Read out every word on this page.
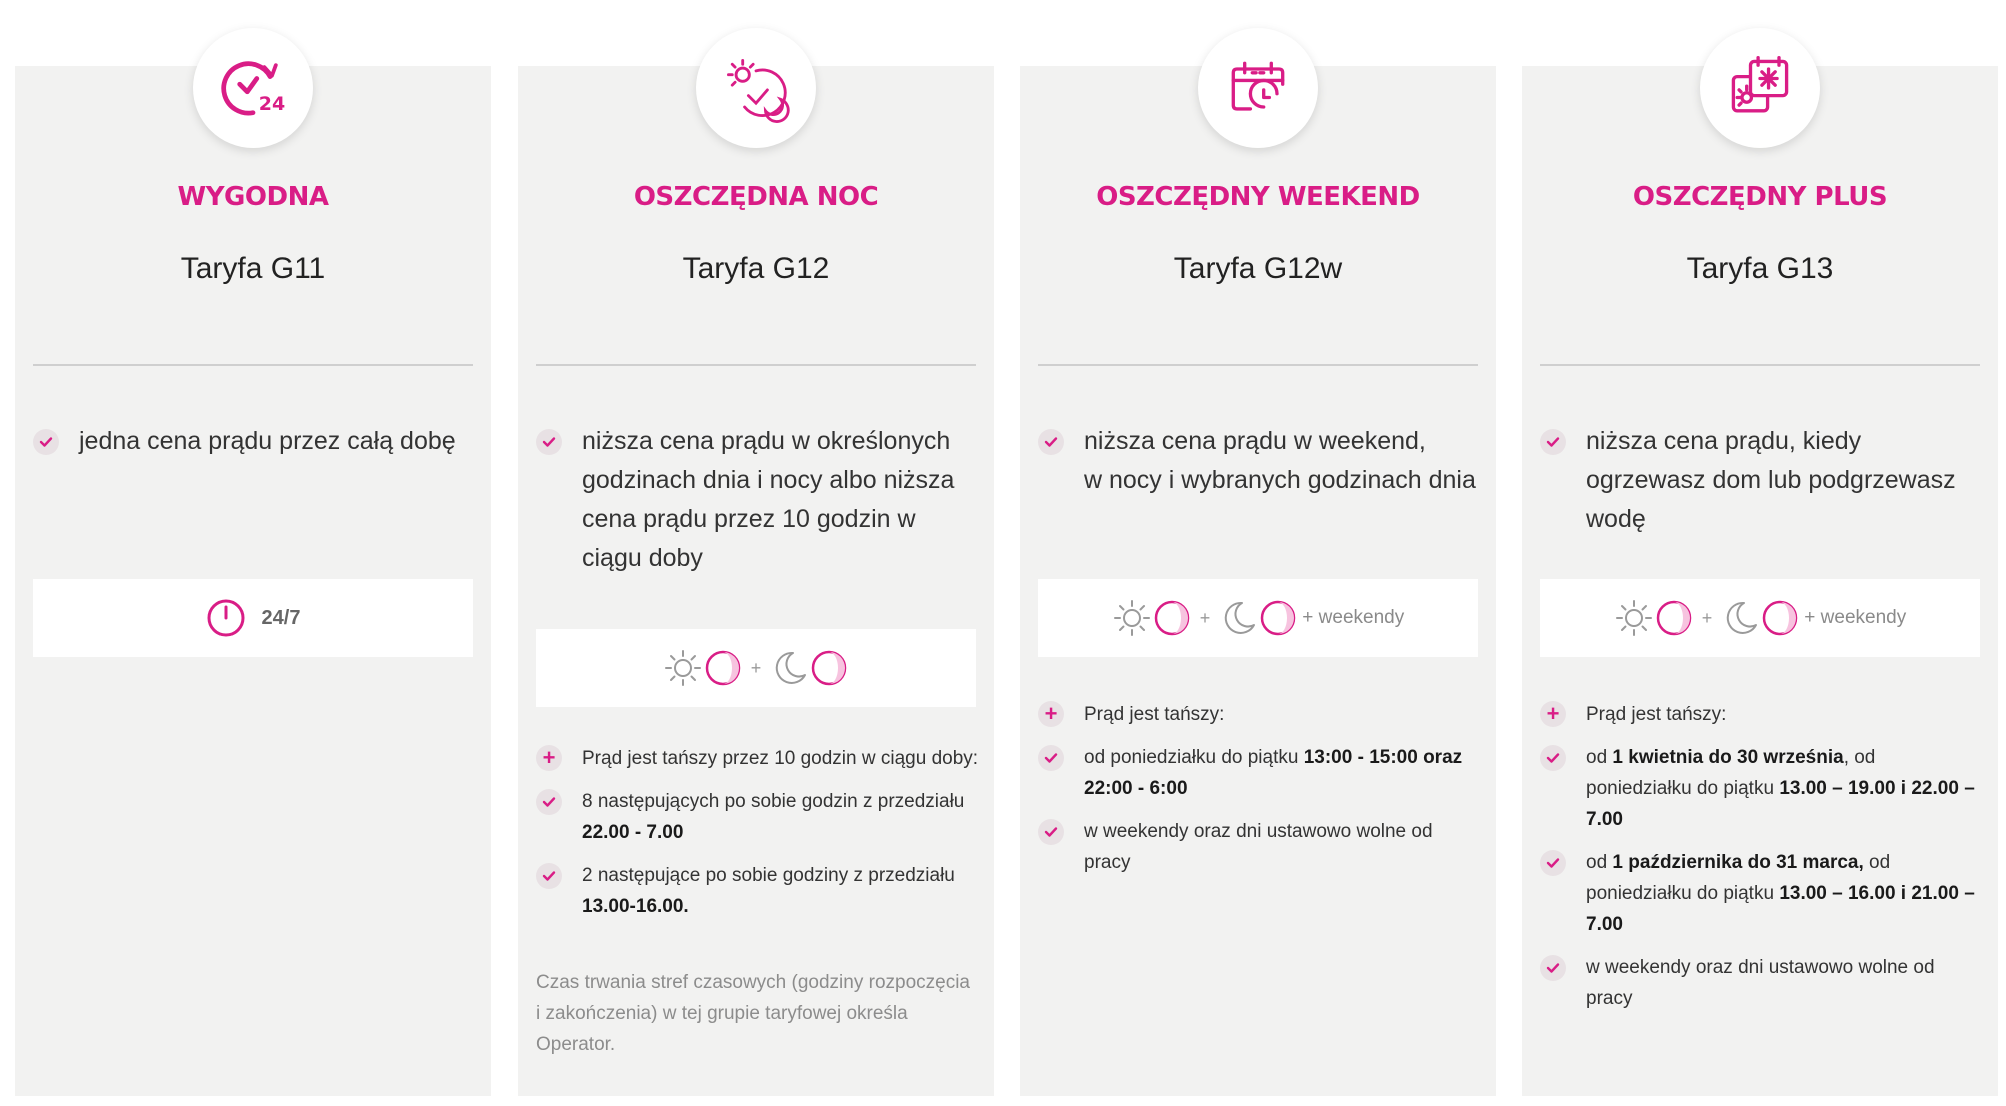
24
WYGODNA
Taryfa G11
jedna cena prądu przez całą dobę
24/7
OSZCZĘDNA NOC
Taryfa G12
niższa cena prądu w określonych godzinach dnia i nocy albo niższa cena prądu przez 10 godzin w ciągu doby
+
+	Prąd jest tańszy przez 10 godzin w ciągu doby:
8 następujących po sobie godzin z przedziału 22.00 - 7.00
2 następujące po sobie godziny z przedziału 13.00-16.00.
Czas trwania stref czasowych (godziny rozpoczęcia i zakończenia) w tej grupie taryfowej określa Operator.
OSZCZĘDNY WEEKEND
Taryfa G12w
niższa cena prądu w weekend,
w nocy i wybranych godzinach dnia
+	+ weekendy
+	Prąd jest tańszy:
od poniedziałku do piątku 13:00 - 15:00 oraz 22:00 - 6:00
w weekendy oraz dni ustawowo wolne od pracy
OSZCZĘDNY PLUS
Taryfa G13
niższa cena prądu, kiedy ogrzewasz dom lub podgrzewasz wodę
+	+ weekendy
+	Prąd jest tańszy:
od 1 kwietnia do 30 września, od poniedziałku do piątku 13.00 – 19.00 i 22.00 – 7.00
od 1 października do 31 marca, od poniedziałku do piątku 13.00 – 16.00 i 21.00 – 7.00
w weekendy oraz dni ustawowo wolne od pracy
